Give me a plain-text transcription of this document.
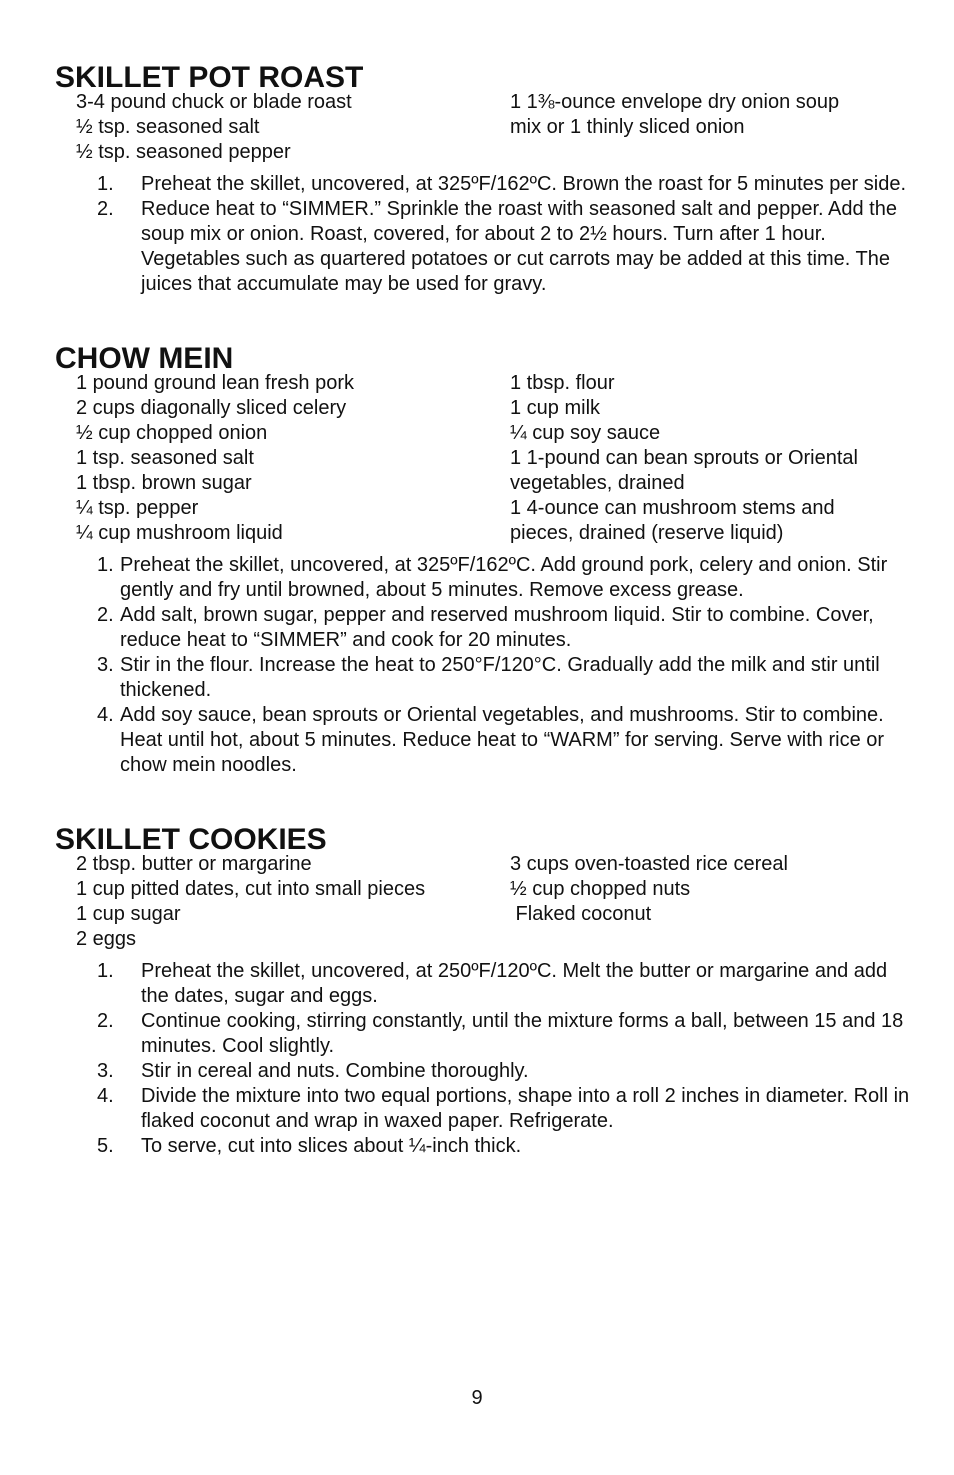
SKILLET POT ROAST
3-4 pound chuck or blade roast
½ tsp. seasoned salt
½ tsp. seasoned pepper
1 1⅜-ounce envelope dry onion soup
mix or 1 thinly sliced onion
1. Preheat the skillet, uncovered, at 325ºF/162ºC. Brown the roast for 5 minutes per side.
2. Reduce heat to “SIMMER.” Sprinkle the roast with seasoned salt and pepper. Add the soup mix or onion. Roast, covered, for about 2 to 2½ hours. Turn after 1 hour. Vegetables such as quartered potatoes or cut carrots may be added at this time. The juices that accumulate may be used for gravy.
CHOW MEIN
1 pound ground lean fresh pork
2 cups diagonally sliced celery
½ cup chopped onion
1 tsp. seasoned salt
1 tbsp. brown sugar
¼ tsp. pepper
¼ cup mushroom liquid
1 tbsp. flour
1 cup milk
¼ cup soy sauce
1 1-pound can bean sprouts or Oriental
vegetables, drained
1 4-ounce can mushroom stems and
pieces, drained (reserve liquid)
1. Preheat the skillet, uncovered, at 325ºF/162ºC. Add ground pork, celery and onion. Stir gently and fry until browned, about 5 minutes. Remove excess grease.
2. Add salt, brown sugar, pepper and reserved mushroom liquid. Stir to combine. Cover, reduce heat to “SIMMER” and cook for 20 minutes.
3. Stir in the flour. Increase the heat to 250°F/120°C. Gradually add the milk and stir until thickened.
4. Add soy sauce, bean sprouts or Oriental vegetables, and mushrooms. Stir to combine. Heat until hot, about 5 minutes. Reduce heat to “WARM” for serving. Serve with rice or chow mein noodles.
SKILLET COOKIES
2 tbsp. butter or margarine
1 cup pitted dates, cut into small pieces
1 cup sugar
2 eggs
3 cups oven-toasted rice cereal
½ cup chopped nuts
Flaked coconut
1. Preheat the skillet, uncovered, at 250ºF/120ºC. Melt the butter or margarine and add the dates, sugar and eggs.
2. Continue cooking, stirring constantly, until the mixture forms a ball, between 15 and 18 minutes. Cool slightly.
3. Stir in cereal and nuts. Combine thoroughly.
4. Divide the mixture into two equal portions, shape into a roll 2 inches in diameter. Roll in flaked coconut and wrap in waxed paper. Refrigerate.
5. To serve, cut into slices about ¼-inch thick.
9
